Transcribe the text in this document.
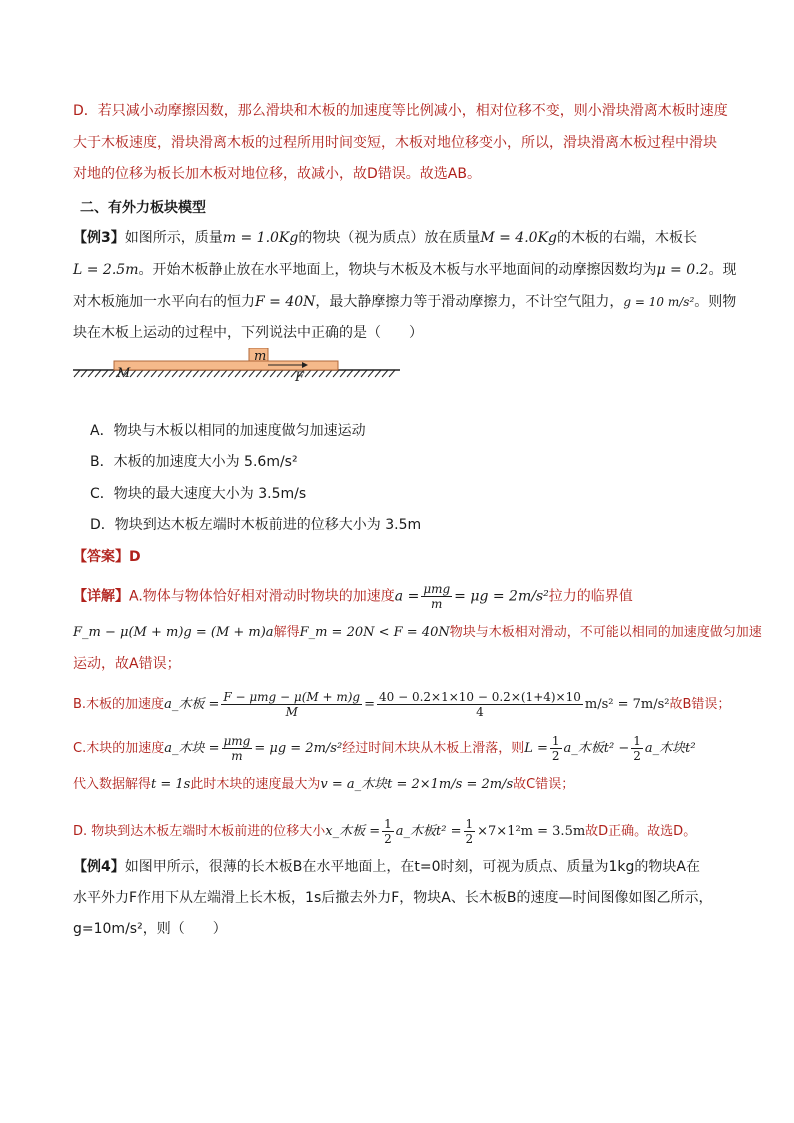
D．若只减小动摩擦因数，那么滑块和木板的加速度等比例减小，相对位移不变，则小滑块滑离木板时速度
大于木板速度，滑块滑离木板的过程所用时间变短，木板对地位移变小，所以，滑块滑离木板过程中滑块
对地的位移为板长加木板对地位移，故减小，故D错误。故选AB。
二、有外力板块模型
【例3】如图所示，质量m = 1.0Kg的物块（视为质点）放在质量M = 4.0Kg的木板的右端，木板长
L = 2.5m。开始木板静止放在水平地面上，物块与木板及木板与水平地面间的动摩擦因数均为μ = 0.2。现
对木板施加一水平向右的恒力F = 40N，最大静摩擦力等于滑动摩擦力，不计空气阻力，g = 10 m/s²。则物
块在木板上运动的过程中，下列说法中正确的是（　　）
m
M	F
A．物块与木板以相同的加速度做匀加速运动
B．木板的加速度大小为 5.6m/s²
C．物块的最大速度大小为 3.5m/s
D．物块到达木板左端时木板前进的位移大小为 3.5m
【答案】D
【详解】A.物体与物体恰好相对滑动时物块的加速度$a = \frac{\text{μmg}}{m} = \mu g = 2m/s^2$拉力的临界值
F_m − μ(M + m)g = (M + m)a解得F_m = 20N < F = 40N物块与木板相对滑动，不可能以相同的加速度做匀加速
运动，故A错误；
B.木板的加速度a_木板 = $\frac{\text{F − μmg − μ(M + m)g}}{M} = \frac{40 - 0.2\times 1\times 10 - 0.2\times(1+4)\times 10}{4} m/s^2 = 7m/s^2$故B错误；
C.木块的加速度a_木块 = $\frac{\text{μmg}}{m} = \mu g = 2m/s^2$经过时间木块从木板上滑落，则$L = \frac{1}{2}$ a_木板$t^2 - \frac{1}{2}$ a_木块t²
代入数据解得t = 1s此时木块的速度最大为v = a_木块t = 2×1m/s = 2m/s故C错误；
D. 物块到达木板左端时木板前进的位移大小x_木板 = $\frac{1}{2}$ a_木板$t^2 = \frac{1}{2} \times 7\times 1^2m = 3.5m$故D正确。故选D。
【例4】如图甲所示，很薄的长木板B在水平地面上，在t=0时刻，可视为质点、质量为1kg的物块A在
水平外力F作用下从左端滑上长木板，1s后撤去外力F，物块A、长木板B的速度—时间图像如图乙所示，
g=10m/s²，则（　　）
